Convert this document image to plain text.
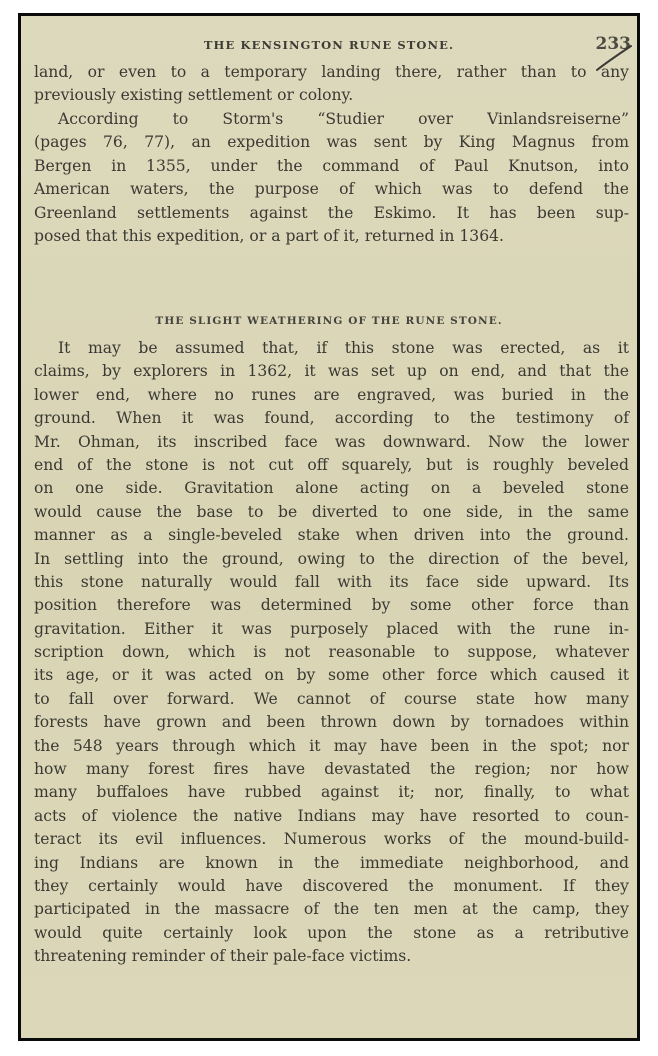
THE KENSINGTON RUNE STONE.	233
land, or even to a temporary landing there, rather than to any
previously existing settlement or colony.
According to Storm's “Studier over Vinlandsreiserne”
(pages 76, 77), an expedition was sent by King Magnus from
Bergen in 1355, under the command of Paul Knutson, into
American waters, the purpose of which was to defend the
Greenland settlements against the Eskimo. It has been sup-
posed that this expedition, or a part of it, returned in 1364.
THE SLIGHT WEATHERING OF THE RUNE STONE.
It may be assumed that, if this stone was erected, as it
claims, by explorers in 1362, it was set up on end, and that the
lower end, where no runes are engraved, was buried in the
ground. When it was found, according to the testimony of
Mr. Ohman, its inscribed face was downward. Now the lower
end of the stone is not cut off squarely, but is roughly beveled
on one side. Gravitation alone acting on a beveled stone
would cause the base to be diverted to one side, in the same
manner as a single-beveled stake when driven into the ground.
In settling into the ground, owing to the direction of the bevel,
this stone naturally would fall with its face side upward. Its
position therefore was determined by some other force than
gravitation. Either it was purposely placed with the rune in-
scription down, which is not reasonable to suppose, whatever
its age, or it was acted on by some other force which caused it
to fall over forward. We cannot of course state how many
forests have grown and been thrown down by tornadoes within
the 548 years through which it may have been in the spot; nor
how many forest fires have devastated the region; nor how
many buffaloes have rubbed against it; nor, finally, to what
acts of violence the native Indians may have resorted to coun-
teract its evil influences. Numerous works of the mound-build-
ing Indians are known in the immediate neighborhood, and
they certainly would have discovered the monument. If they
participated in the massacre of the ten men at the camp, they
would quite certainly look upon the stone as a retributive
threatening reminder of their pale-face victims.
